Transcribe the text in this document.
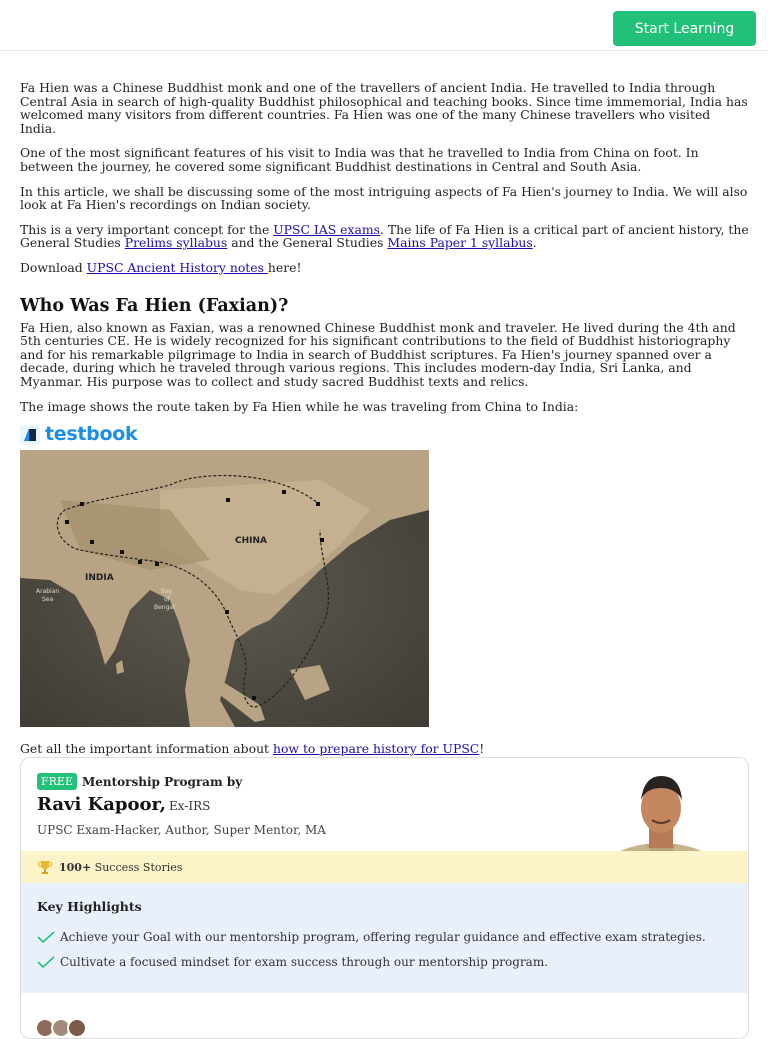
Start Learning

Fa Hien was a Chinese Buddhist monk and one of the travellers of ancient India. He travelled to India through Central Asia in search of high-quality Buddhist philosophical and teaching books. Since time immemorial, India has welcomed many visitors from different countries. Fa Hien was one of the many Chinese travellers who visited India.

One of the most significant features of his visit to India was that he travelled to India from China on foot. In between the journey, he covered some significant Buddhist destinations in Central and South Asia.

In this article, we shall be discussing some of the most intriguing aspects of Fa Hien's journey to India. We will also look at Fa Hien's recordings on Indian society.

This is a very important concept for the UPSC IAS exams. The life of Fa Hien is a critical part of ancient history, the General Studies Prelims syllabus and the General Studies Mains Paper 1 syllabus.

Download UPSC Ancient History notes here!

Who Was Fa Hien (Faxian)?

Fa Hien, also known as Faxian, was a renowned Chinese Buddhist monk and traveler. He lived during the 4th and 5th centuries CE. He is widely recognized for his significant contributions to the field of Buddhist historiography and for his remarkable pilgrimage to India in search of Buddhist scriptures. Fa Hien's journey spanned over a decade, during which he traveled through various regions. This includes modern-day India, Sri Lanka, and Myanmar. His purpose was to collect and study sacred Buddhist texts and relics.

The image shows the route taken by Fa Hien while he was traveling from China to India:

testbook
CHINA
INDIA
Arabian
Sea
Bay
of
Bengal

Get all the important information about how to prepare history for UPSC!

FREE Mentorship Program by
Ravi Kapoor, Ex-IRS
UPSC Exam-Hacker, Author, Super Mentor, MA
100+ Success Stories
Key Highlights
Achieve your Goal with our mentorship program, offering regular guidance and effective exam strategies.
Cultivate a focused mindset for exam success through our mentorship program.
